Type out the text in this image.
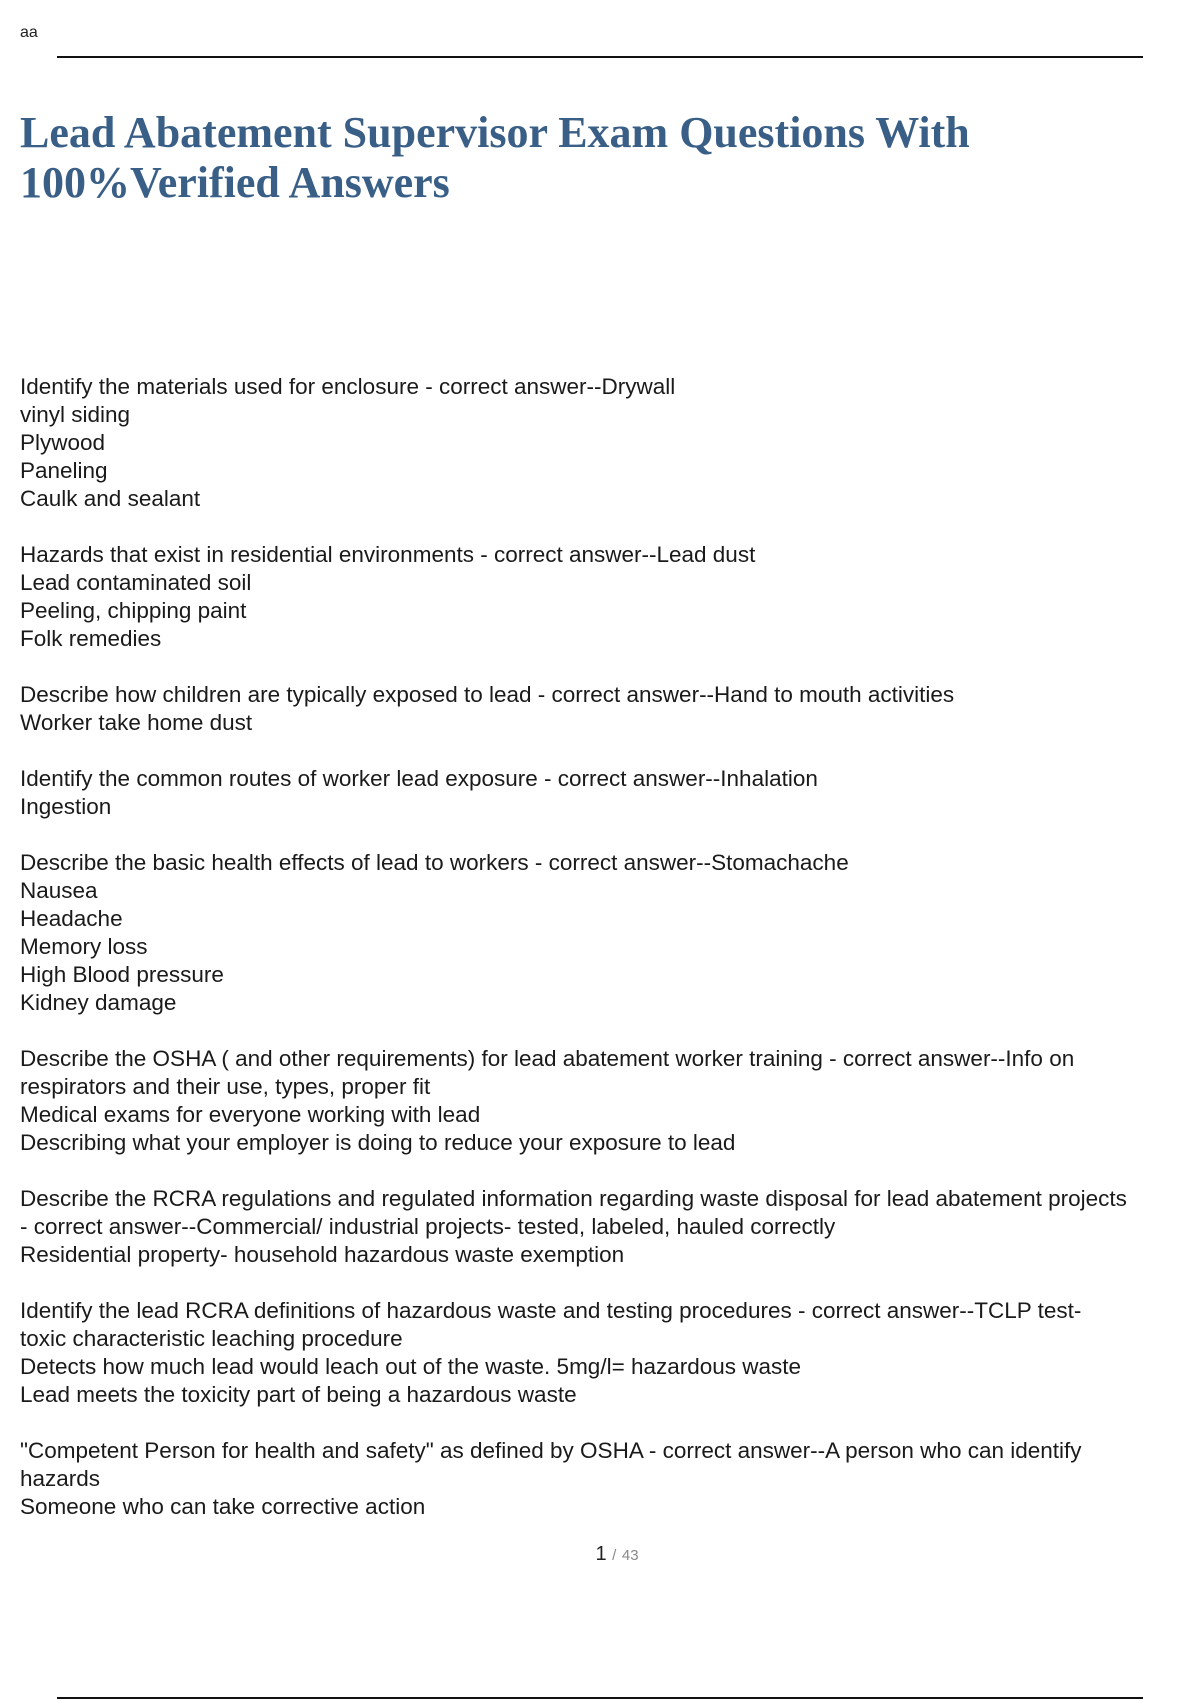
aa
Lead Abatement Supervisor Exam Questions With
100%Verified Answers
Identify the materials used for enclosure - correct answer--Drywall
vinyl siding
Plywood
Paneling
Caulk and sealant
Hazards that exist in residential environments - correct answer--Lead dust
Lead contaminated soil
Peeling, chipping paint
Folk remedies
Describe how children are typically exposed to lead - correct answer--Hand to mouth activities
Worker take home dust
Identify the common routes of worker lead exposure - correct answer--Inhalation
Ingestion
Describe the basic health effects of lead to workers - correct answer--Stomachache
Nausea
Headache
Memory loss
High Blood pressure
Kidney damage
Describe the OSHA ( and other requirements) for lead abatement worker training - correct answer--Info on
respirators and their use, types, proper fit
Medical exams for everyone working with lead
Describing what your employer is doing to reduce your exposure to lead
Describe the RCRA regulations and regulated information regarding waste disposal for lead abatement projects
- correct answer--Commercial/ industrial projects- tested, labeled, hauled correctly
Residential property- household hazardous waste exemption
Identify the lead RCRA definitions of hazardous waste and testing procedures - correct answer--TCLP test-
toxic characteristic leaching procedure
Detects how much lead would leach out of the waste. 5mg/l= hazardous waste
Lead meets the toxicity part of being a hazardous waste
"Competent Person for health and safety" as defined by OSHA - correct answer--A person who can identify
hazards
Someone who can take corrective action
1 / 43
